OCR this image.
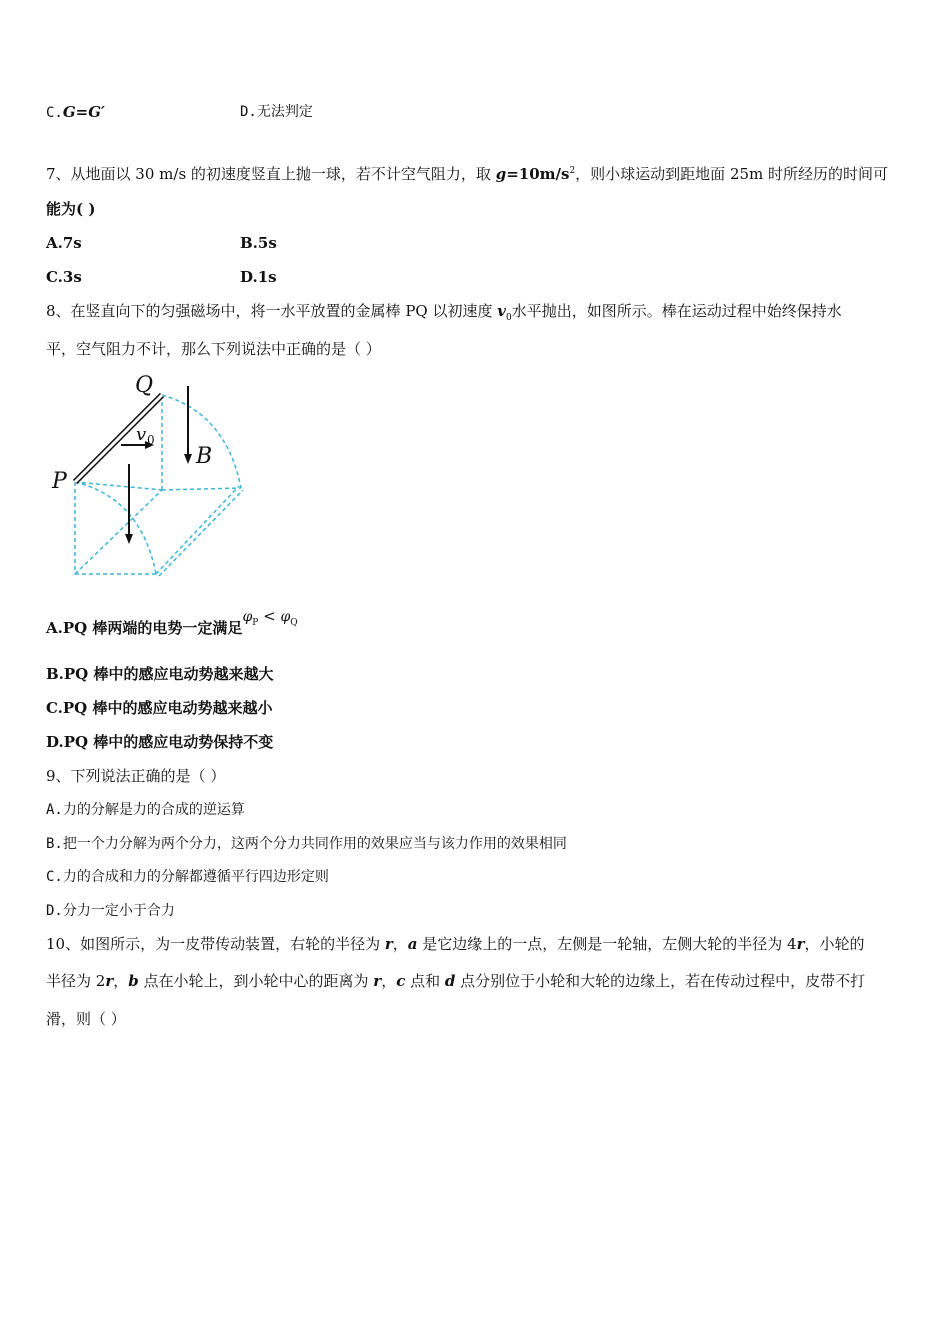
C.G=G′	D.无法判定
7、从地面以 30 m/s 的初速度竖直上抛一球，若不计空气阻力，取 $g=10m/s^2$，则小球运动到距地面 25m 时所经历的时间可
能为( )
A.7s	B.5s
C.3s	D.1s
8、在竖直向下的匀强磁场中，将一水平放置的金属棒 PQ 以初速度 $v_0$水平抛出，如图所示。棒在运动过程中始终保持水
平，空气阻力不计，那么下列说法中正确的是（ ）
Q
P
v 0
B
A.PQ 棒两端的电势一定满足$\varphi_P < \varphi_Q$
B.PQ 棒中的感应电动势越来越大
C.PQ 棒中的感应电动势越来越小
D.PQ 棒中的感应电动势保持不变
9、下列说法正确的是（ ）
A.力的分解是力的合成的逆运算
B.把一个力分解为两个分力，这两个分力共同作用的效果应当与该力作用的效果相同
C.力的合成和力的分解都遵循平行四边形定则
D.分力一定小于合力
10、如图所示，为一皮带传动装置，右轮的半径为 r，a 是它边缘上的一点，左侧是一轮轴，左侧大轮的半径为 4r，小轮的
半径为 2r，b 点在小轮上，到小轮中心的距离为 r，c 点和 d 点分别位于小轮和大轮的边缘上，若在传动过程中，皮带不打
滑，则（ ）
